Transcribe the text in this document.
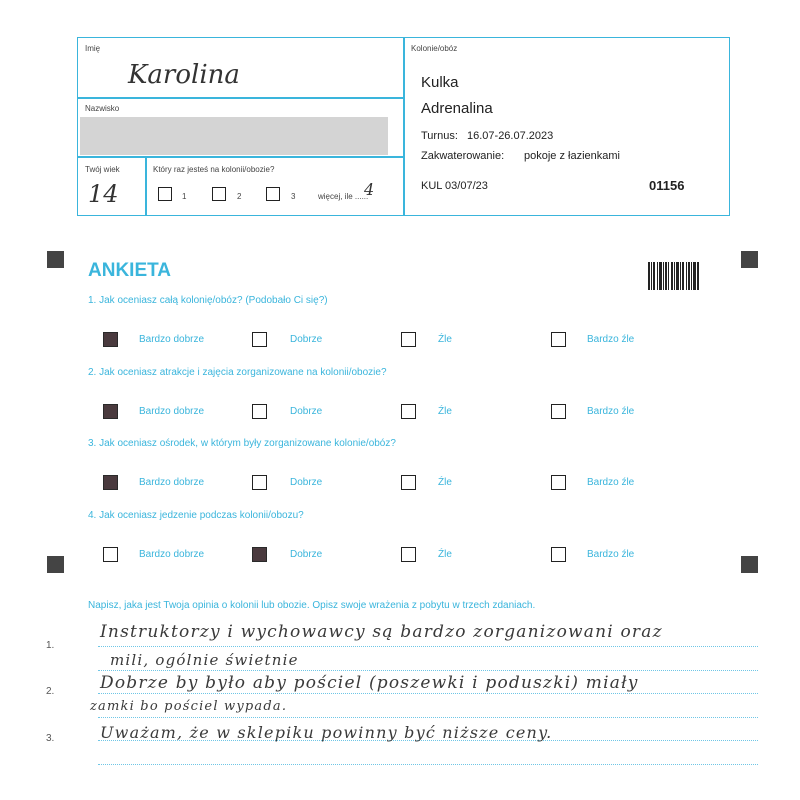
Imię
Karolina
Nazwisko
Twój wiek
14
Który raz jesteś na kolonii/obozie?
1	2	3	więcej, ile ......
4
Kolonie/obóz
Kulka
Adrenalina
Turnus: 16.07-26.07.2023
Zakwaterowanie: pokoje z łazienkami
KUL 03/07/23	01156
ANKIETA
1. Jak oceniasz całą kolonię/obóz? (Podobało Ci się?)
Bardzo dobrze	Dobrze	Źle	Bardzo źle
2. Jak oceniasz atrakcje i zajęcia zorganizowane na kolonii/obozie?
Bardzo dobrze	Dobrze	Źle	Bardzo źle
3. Jak oceniasz ośrodek, w którym były zorganizowane kolonie/obóz?
Bardzo dobrze	Dobrze	Źle	Bardzo źle
4. Jak oceniasz jedzenie podczas kolonii/obozu?
Bardzo dobrze	Dobrze	Źle	Bardzo źle
Napisz, jaka jest Twoja opinia o kolonii lub obozie. Opisz swoje wrażenia z pobytu w trzech zdaniach.
1.
2.
3.
Instruktorzy i wychowawcy są bardzo zorganizowani oraz
mili, ogólnie świetnie
Dobrze by było aby pościel (poszewki i poduszki) miały
zamki bo pościel wypada.
Uważam, że w sklepiku powinny być niższe ceny.
